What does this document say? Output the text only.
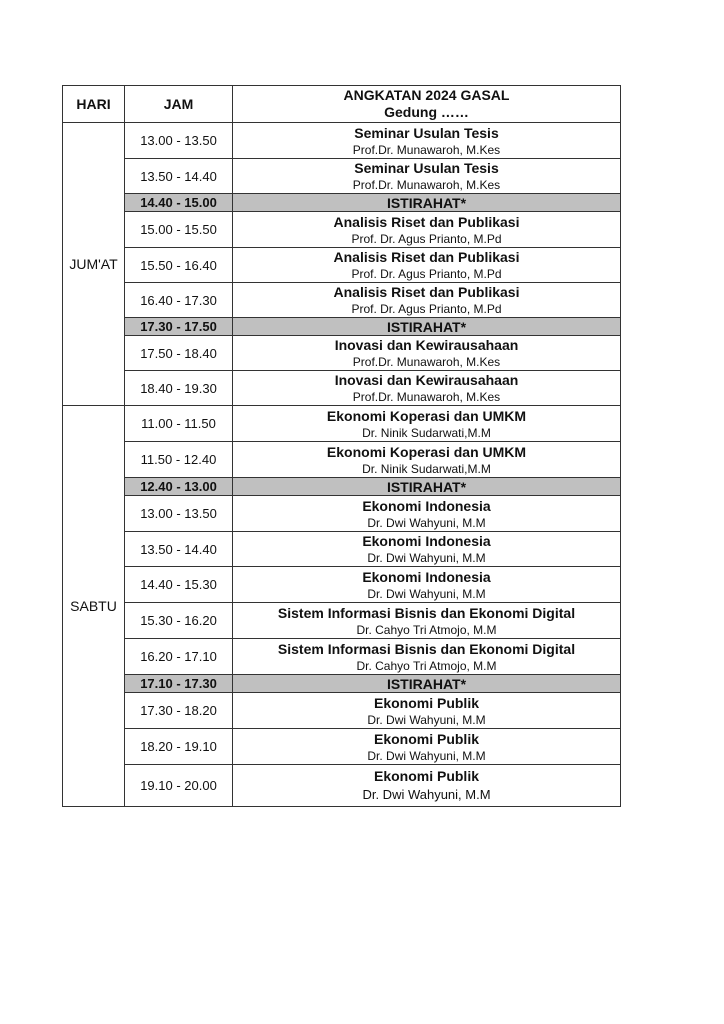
HARI	JAM	ANGKATAN 2024 GASAL
Gedung ……

JUM'AT	13.00 - 13.50	Seminar Usulan Tesis
Prof.Dr. Munawaroh, M.Kes

	13.50 - 14.40	Seminar Usulan Tesis
Prof.Dr. Munawaroh, M.Kes

	14.40 - 15.00	ISTIRAHAT*
	15.00 - 15.50	Analisis Riset dan Publikasi
Prof. Dr. Agus Prianto, M.Pd

	15.50 - 16.40	Analisis Riset dan Publikasi
Prof. Dr. Agus Prianto, M.Pd

	16.40 - 17.30	Analisis Riset dan Publikasi
Prof. Dr. Agus Prianto, M.Pd

	17.30 - 17.50	ISTIRAHAT*
	17.50 - 18.40	Inovasi dan Kewirausahaan
Prof.Dr. Munawaroh, M.Kes

	18.40 - 19.30	Inovasi dan Kewirausahaan
Prof.Dr. Munawaroh, M.Kes

SABTU	11.00 - 11.50	Ekonomi Koperasi dan UMKM
Dr. Ninik Sudarwati,M.M

	11.50 - 12.40	Ekonomi Koperasi dan UMKM
Dr. Ninik Sudarwati,M.M

	12.40 - 13.00	ISTIRAHAT*
	13.00 - 13.50	Ekonomi Indonesia
Dr. Dwi Wahyuni, M.M

	13.50 - 14.40	Ekonomi Indonesia
Dr. Dwi Wahyuni, M.M

	14.40 - 15.30	Ekonomi Indonesia
Dr. Dwi Wahyuni, M.M

	15.30 - 16.20	Sistem Informasi Bisnis dan Ekonomi Digital
Dr. Cahyo Tri Atmojo, M.M

	16.20 - 17.10	Sistem Informasi Bisnis dan Ekonomi Digital
Dr. Cahyo Tri Atmojo, M.M

	17.10 - 17.30	ISTIRAHAT*
	17.30 - 18.20	Ekonomi Publik
Dr. Dwi Wahyuni, M.M

	18.20 - 19.10	Ekonomi Publik
Dr. Dwi Wahyuni, M.M

	19.10 - 20.00	Ekonomi Publik
Dr. Dwi Wahyuni, M.M
